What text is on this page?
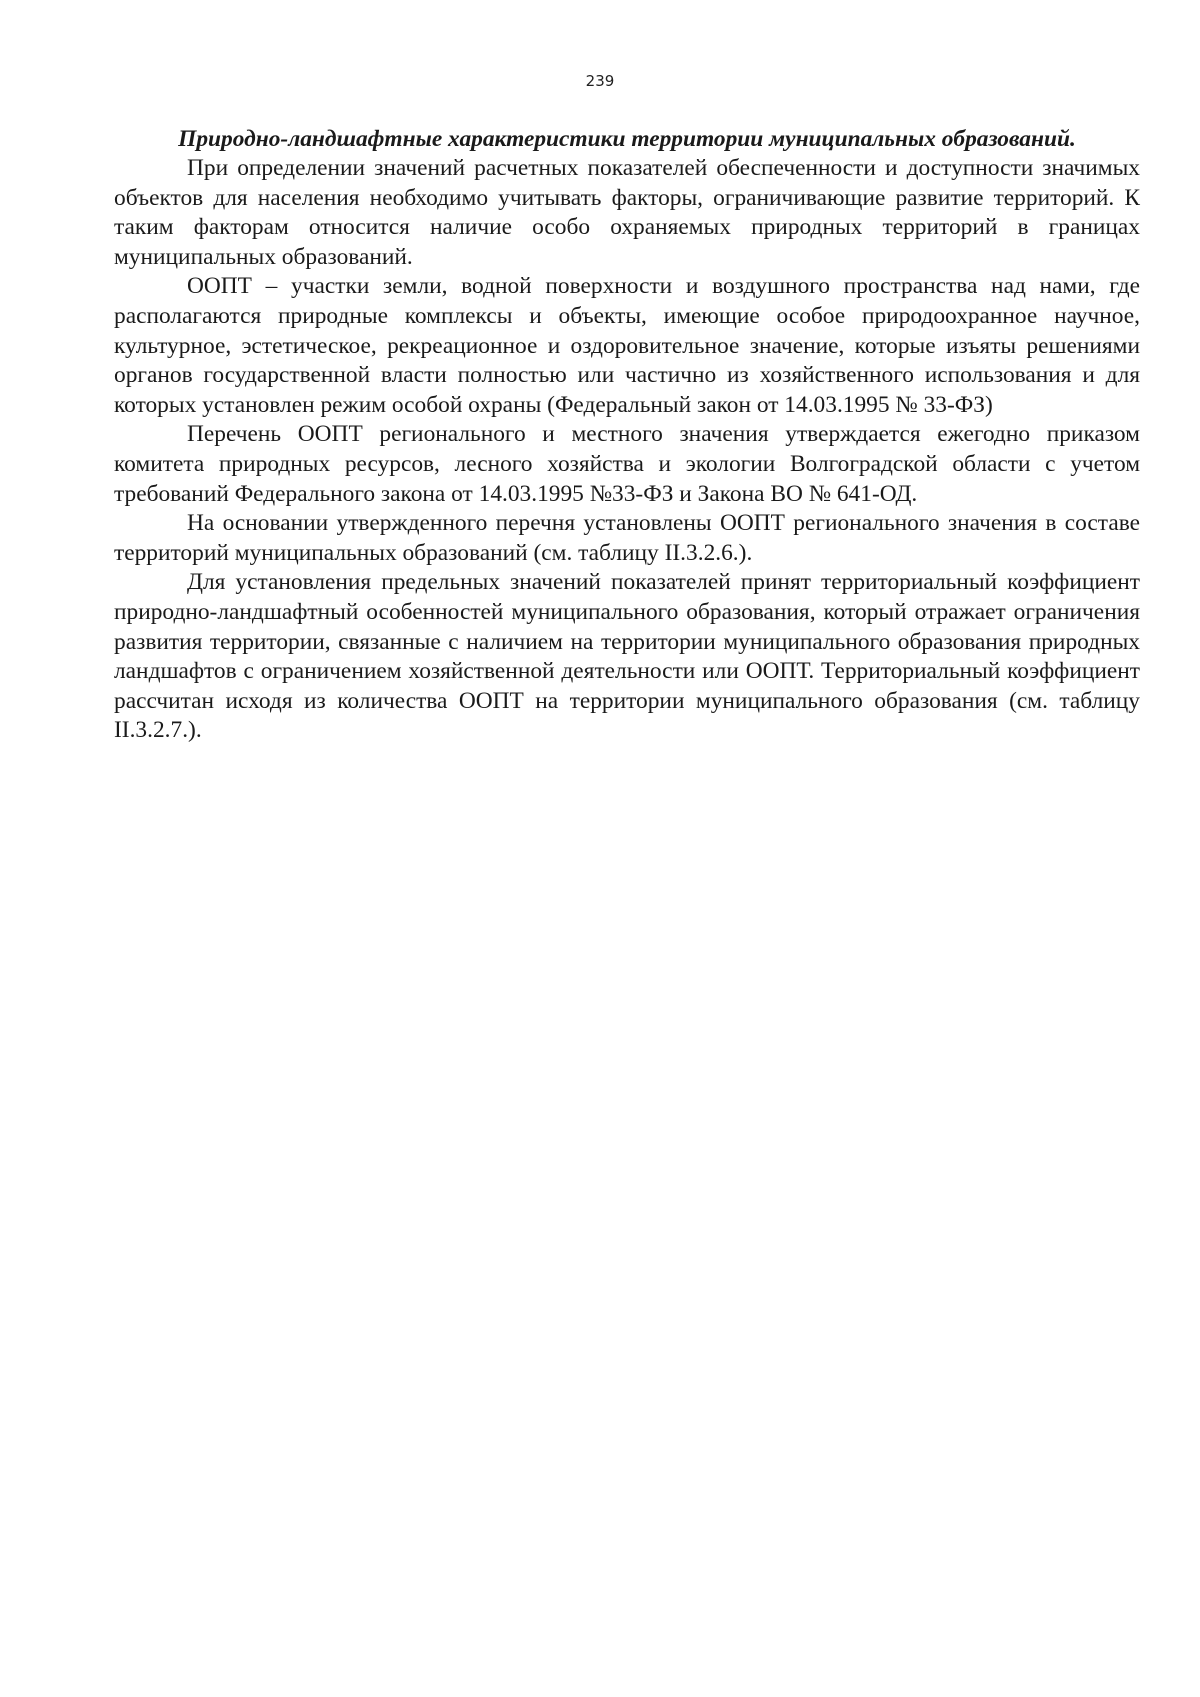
239

Природно-ландшафтные характеристики территории муниципальных образований.

При определении значений расчетных показателей обеспеченности и доступности значимых объектов для населения необходимо учитывать факторы, ограничивающие развитие территорий. К таким факторам относится наличие особо охраняемых природных территорий в границах муниципальных образований.

ООПТ – участки земли, водной поверхности и воздушного пространства над нами, где располагаются природные комплексы и объекты, имеющие особое природоохранное научное, культурное, эстетическое, рекреационное и оздоровительное значение, которые изъяты решениями органов государственной власти полностью или частично из хозяйственного использования и для которых установлен режим особой охраны (Федеральный закон от 14.03.1995 № 33-ФЗ)

Перечень ООПТ регионального и местного значения утверждается ежегодно приказом комитета природных ресурсов, лесного хозяйства и экологии Волгоградской области с учетом требований Федерального закона от 14.03.1995 №33-ФЗ и Закона ВО № 641-ОД.

На основании утвержденного перечня установлены ООПТ регионального значения в составе территорий муниципальных образований (см. таблицу II.3.2.6.).

Для установления предельных значений показателей принят территориальный коэффициент природно-ландшафтный особенностей муниципального образования, который отражает ограничения развития территории, связанные с наличием на территории муниципального образования природных ландшафтов с ограничением хозяйственной деятельности или ООПТ. Территориальный коэффициент рассчитан исходя из количества ООПТ на территории муниципального образования (см. таблицу II.3.2.7.).
